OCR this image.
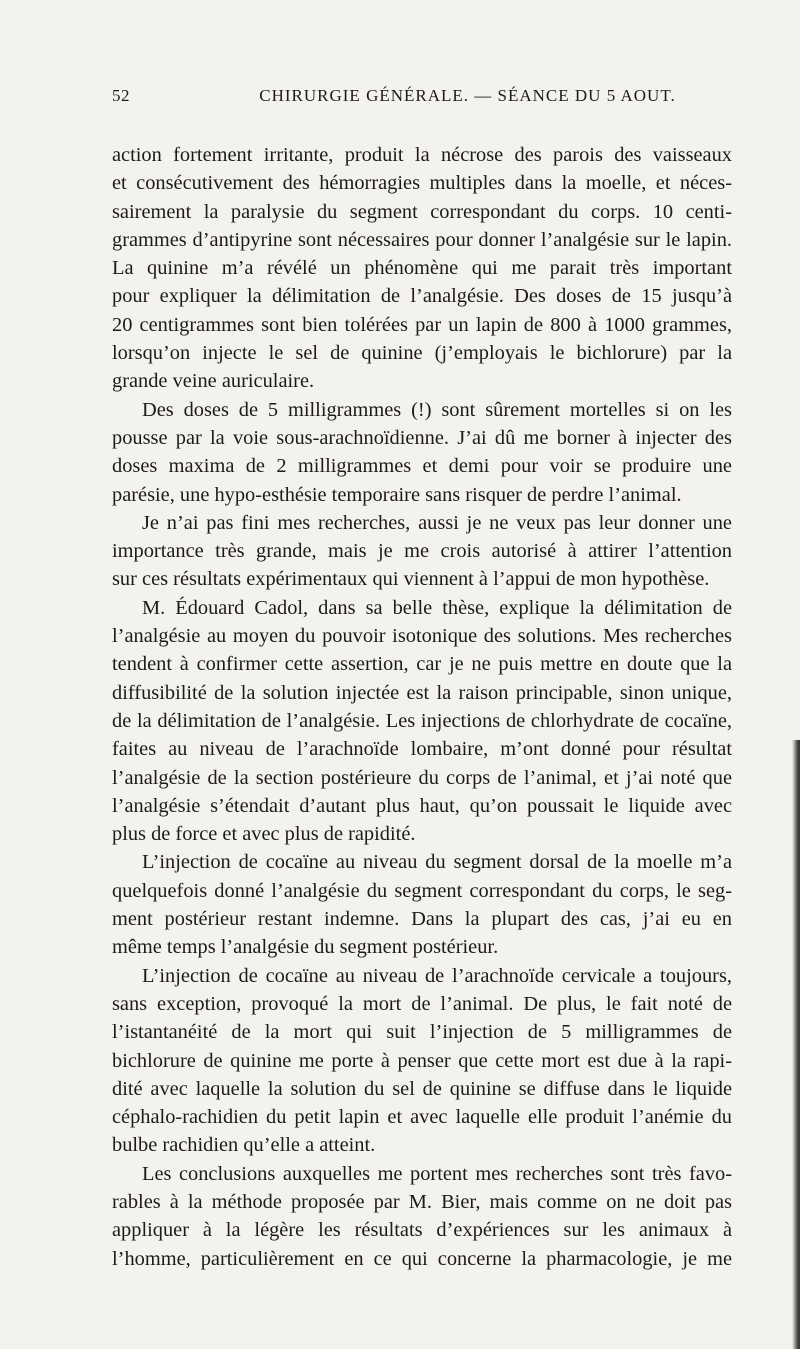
52	CHIRURGIE GÉNÉRALE. — SÉANCE DU 5 AOUT.
action fortement irritante, produit la nécrose des parois des vaisseaux
et consécutivement des hémorragies multiples dans la moelle, et néces-
sairement la paralysie du segment correspondant du corps. 10 centi-
grammes d’antipyrine sont nécessaires pour donner l’analgésie sur le lapin.
La quinine m’a révélé un phénomène qui me parait très important
pour expliquer la délimitation de l’analgésie. Des doses de 15 jusqu’à
20 centigrammes sont bien tolérées par un lapin de 800 à 1000 grammes,
lorsqu’on injecte le sel de quinine (j’employais le bichlorure) par la
grande veine auriculaire.
Des doses de 5 milligrammes (!) sont sûrement mortelles si on les
pousse par la voie sous-arachnoïdienne. J’ai dû me borner à injecter des
doses maxima de 2 milligrammes et demi pour voir se produire une
parésie, une hypo-esthésie temporaire sans risquer de perdre l’animal.
Je n’ai pas fini mes recherches, aussi je ne veux pas leur donner une
importance très grande, mais je me crois autorisé à attirer l’attention
sur ces résultats expérimentaux qui viennent à l’appui de mon hypothèse.
M. Édouard Cadol, dans sa belle thèse, explique la délimitation de
l’analgésie au moyen du pouvoir isotonique des solutions. Mes recherches
tendent à confirmer cette assertion, car je ne puis mettre en doute que la
diffusibilité de la solution injectée est la raison principable, sinon unique,
de la délimitation de l’analgésie. Les injections de chlorhydrate de cocaïne,
faites au niveau de l’arachnoïde lombaire, m’ont donné pour résultat
l’analgésie de la section postérieure du corps de l’animal, et j’ai noté que
l’analgésie s’étendait d’autant plus haut, qu’on poussait le liquide avec
plus de force et avec plus de rapidité.
L’injection de cocaïne au niveau du segment dorsal de la moelle m’a
quelquefois donné l’analgésie du segment correspondant du corps, le seg-
ment postérieur restant indemne. Dans la plupart des cas, j’ai eu en
même temps l’analgésie du segment postérieur.
L’injection de cocaïne au niveau de l’arachnoïde cervicale a toujours,
sans exception, provoqué la mort de l’animal. De plus, le fait noté de
l’istantanéité de la mort qui suit l’injection de 5 milligrammes de
bichlorure de quinine me porte à penser que cette mort est due à la rapi-
dité avec laquelle la solution du sel de quinine se diffuse dans le liquide
céphalo-rachidien du petit lapin et avec laquelle elle produit l’anémie du
bulbe rachidien qu’elle a atteint.
Les conclusions auxquelles me portent mes recherches sont très favo-
rables à la méthode proposée par M. Bier, mais comme on ne doit pas
appliquer à la légère les résultats d’expériences sur les animaux à
l’homme, particulièrement en ce qui concerne la pharmacologie, je me
